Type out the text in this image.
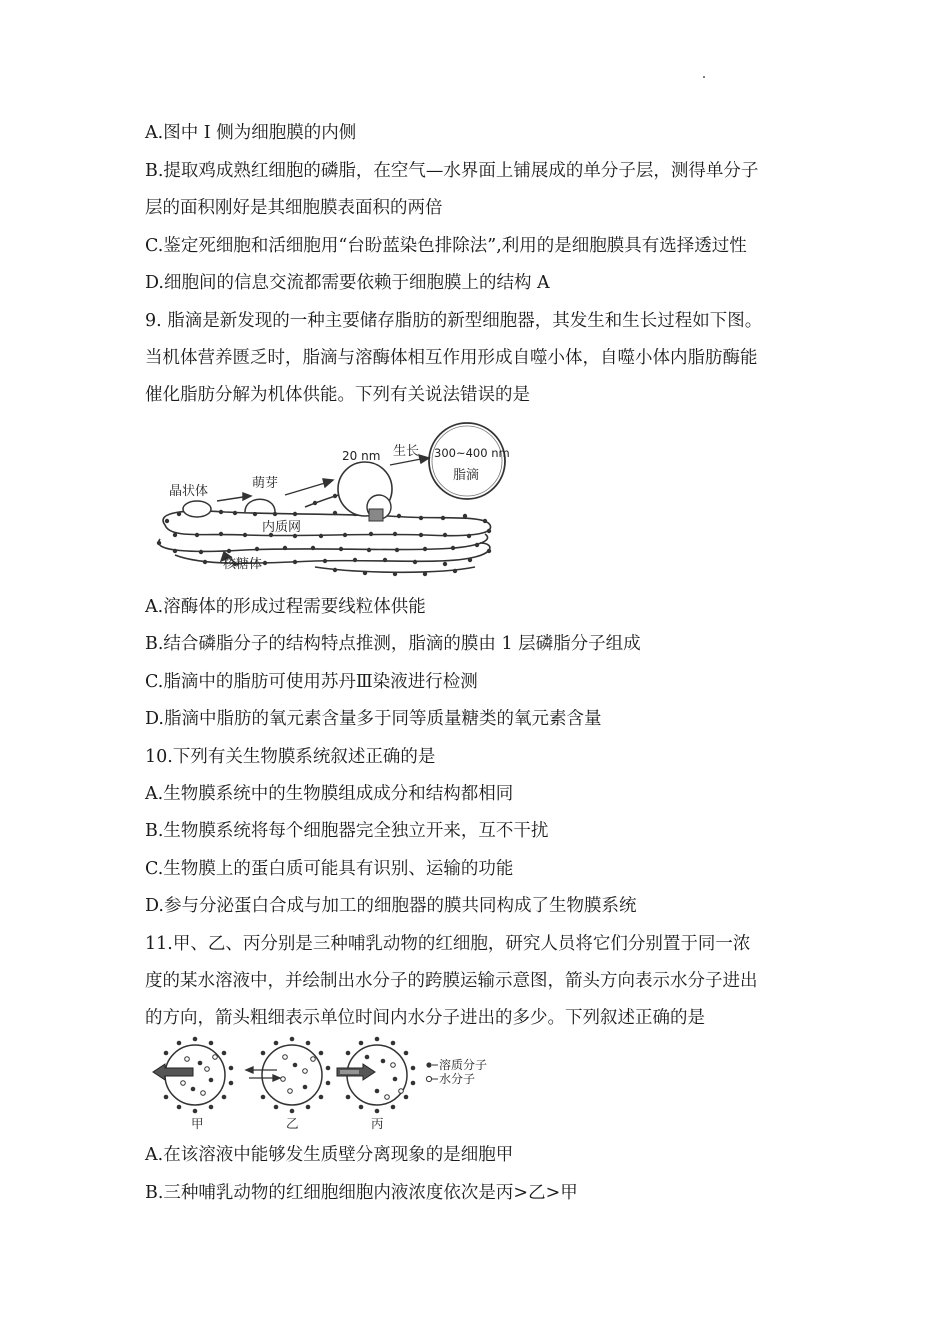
A.图中 I 侧为细胞膜的内侧
B.提取鸡成熟红细胞的磷脂，在空气—水界面上铺展成的单分子层，测得单分子
层的面积刚好是其细胞膜表面积的两倍
C.鉴定死细胞和活细胞用“台盼蓝染色排除法”,利用的是细胞膜具有选择透过性
D.细胞间的信息交流都需要依赖于细胞膜上的结构 A
9. 脂滴是新发现的一种主要储存脂肪的新型细胞器，其发生和生长过程如下图。
当机体营养匮乏时，脂滴与溶酶体相互作用形成自噬小体，自噬小体内脂肪酶能
催化脂肪分解为机体供能。下列有关说法错误的是
晶状体
萌芽
20 nm 生长 300~400 nm
脂滴
内质网
核糖体
A.溶酶体的形成过程需要线粒体供能
B.结合磷脂分子的结构特点推测，脂滴的膜由 1 层磷脂分子组成
C.脂滴中的脂肪可使用苏丹Ⅲ染液进行检测
D.脂滴中脂肪的氧元素含量多于同等质量糖类的氧元素含量
10.下列有关生物膜系统叙述正确的是
A.生物膜系统中的生物膜组成成分和结构都相同
B.生物膜系统将每个细胞器完全独立开来，互不干扰
C.生物膜上的蛋白质可能具有识别、运输的功能
D.参与分泌蛋白合成与加工的细胞器的膜共同构成了生物膜系统
11.甲、乙、丙分别是三种哺乳动物的红细胞，研究人员将它们分别置于同一浓
度的某水溶液中，并绘制出水分子的跨膜运输示意图，箭头方向表示水分子进出
的方向，箭头粗细表示单位时间内水分子进出的多少。下列叙述正确的是
溶质分子
水分子
甲	乙	丙
A.在该溶液中能够发生质壁分离现象的是细胞甲
B.三种哺乳动物的红细胞细胞内液浓度依次是丙>乙>甲
